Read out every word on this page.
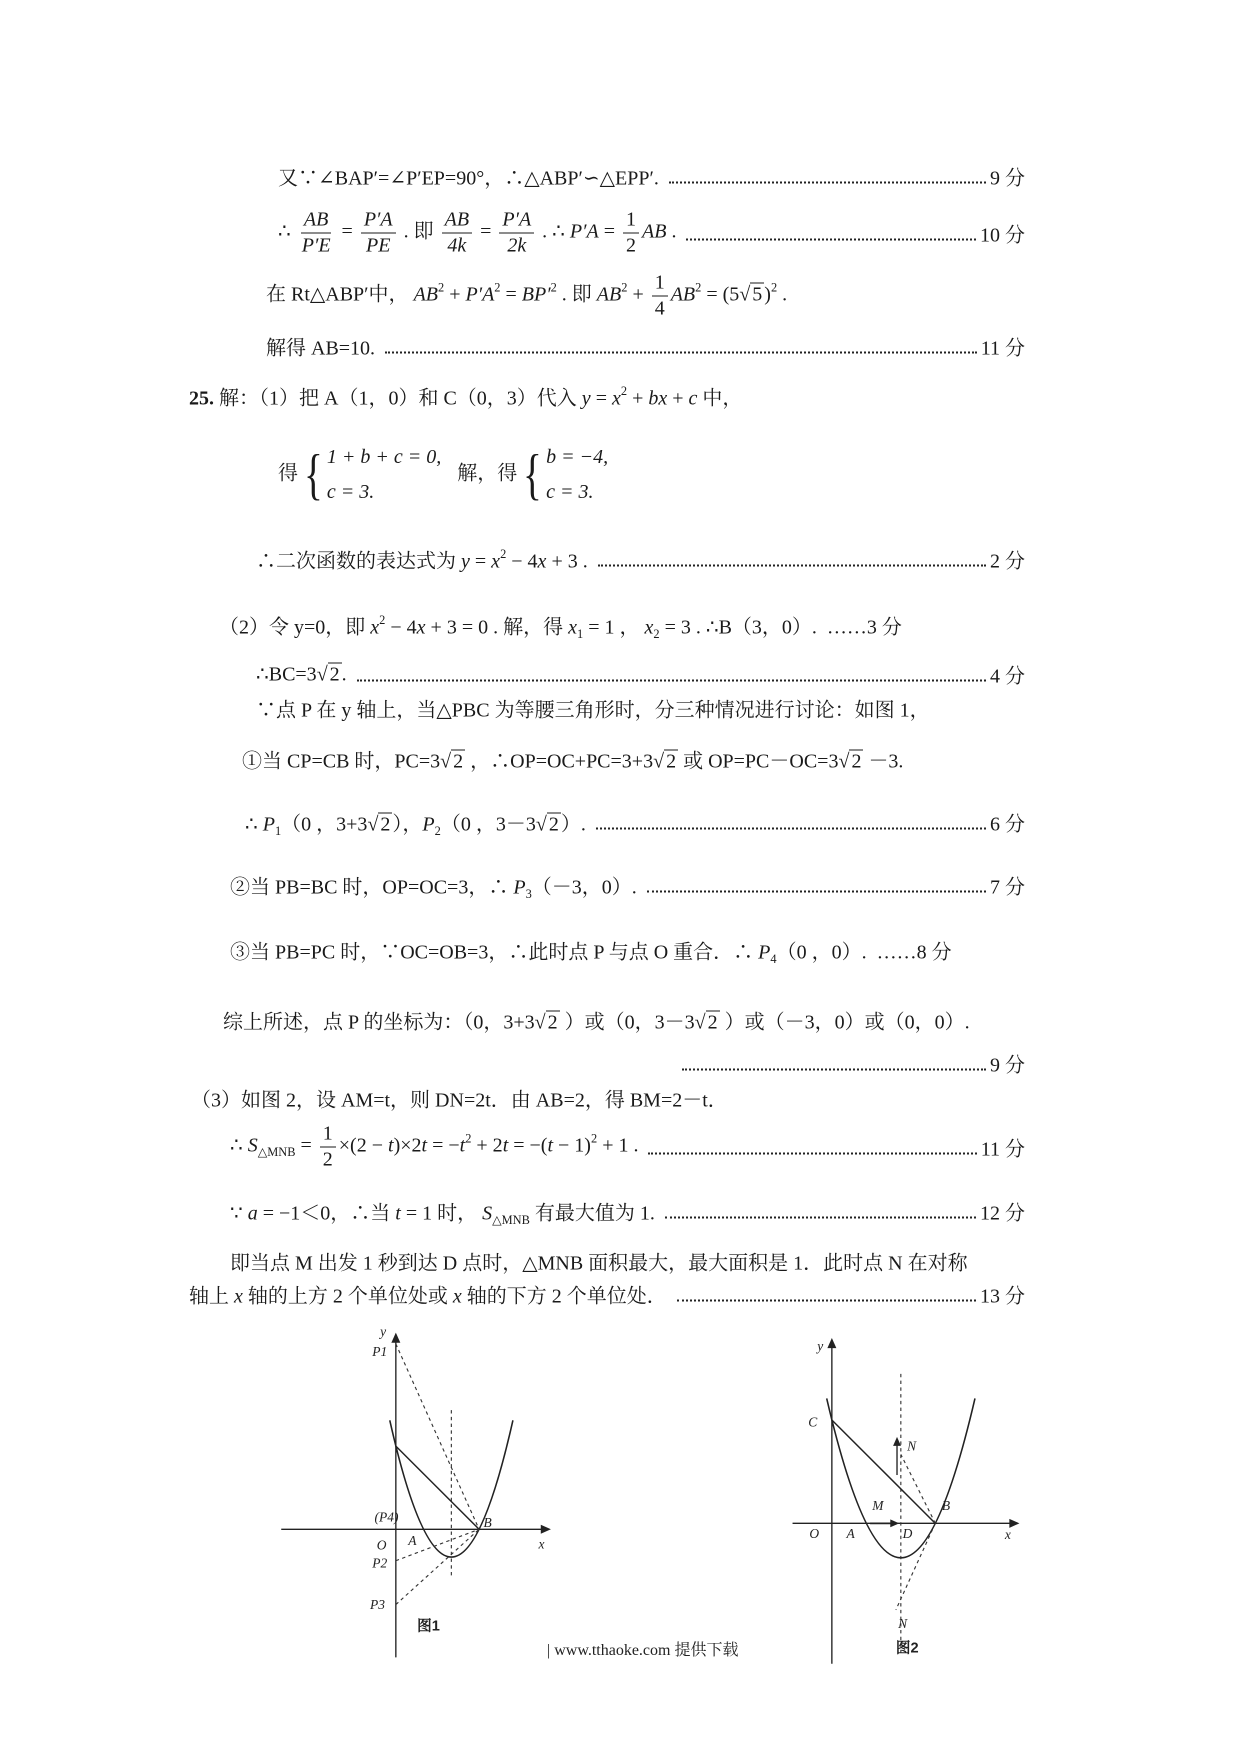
又∵∠BAP′=∠P′EP=90°，∴△ABP′∽△EPP′.	9 分
∴ $\frac{AB}{P'E} = \frac{P'A}{PE}$ . 即 $\frac{AB}{4k} = \frac{P'A}{2k}$ . ∴ $P'A = \frac{1}{2}$ AB .	10 分
在 Rt△ABP′中， $AB^2 + P'A^2 = BP'^2$ . 即 $AB^2 + \frac{1}{4} AB^2 = (5√$ 5 )$^2$ .
解得 AB=10.	11 分
25. 解：（1）把 A（1，0）和 C（0，3）代入 $y = x^2$ + bx + c 中，
得
{
1 + b + c = 0,
c = 3.
解，得
{
b = −4,
c = 3.
∴二次函数的表达式为 $y = x^2 - 4x + 3$ .	2 分
（2）令 y=0，即 $x^2 - 4x + 3 = 0$ . 解，得 $x_1 = 1$ ， $x_2 = 3$ . ∴B（3，0）.  ……3 分
∴BC=3√ 2 .	4 分
∵点 P 在 y 轴上，当△PBC 为等腰三角形时，分三种情况进行讨论：如图 1，
①当 CP=CB 时，PC=3√ 2 ，∴OP=OC+PC=3+3√ 2 或 OP=PC－OC=3√ 2 －3.
∴ $P_1(0$ ，3+3√ 2 ），$P_2(0$ ，3－3√ 2 ）.	6 分
②当 PB=BC 时，OP=OC=3，∴ $P_3(-3$，0）.	7 分
③当 PB=PC 时，∵OC=OB=3，∴此时点 P 与点 O 重合．∴ $P_4(0$ ，0）.  ……8 分
综上所述，点 P 的坐标为：（0，3+3√ 2 ）或（0，3－3√ 2 ）或（－3，0）或（0，0）.
9 分
（3）如图 2，设 AM=t，则 DN=2t．由 AB=2，得 BM=2－t．
∴ $S_{\triangle MNB} = \frac{1}{2} \times(2 - t)\times 2t = -t^2 + 2t = -(t - 1)^2 + 1$ .	11 分
∵ a = −1＜0，∴当 t = 1 时， $S_{\triangle MNB}$ 有最大值为 1.	12 分
即当点 M 出发 1 秒到达 D 点时，△MNB 面积最大，最大面积是 1．此时点 N 在对称
轴上 x 轴的上方 2 个单位处或 x 轴的下方 2 个单位处．	13 分
y
x
O A
B
P1
P2
P3
(P4)
图1
y
x
O A	D
B
C
M
N
N
图2
| www.tthaoke.com 提供下载
